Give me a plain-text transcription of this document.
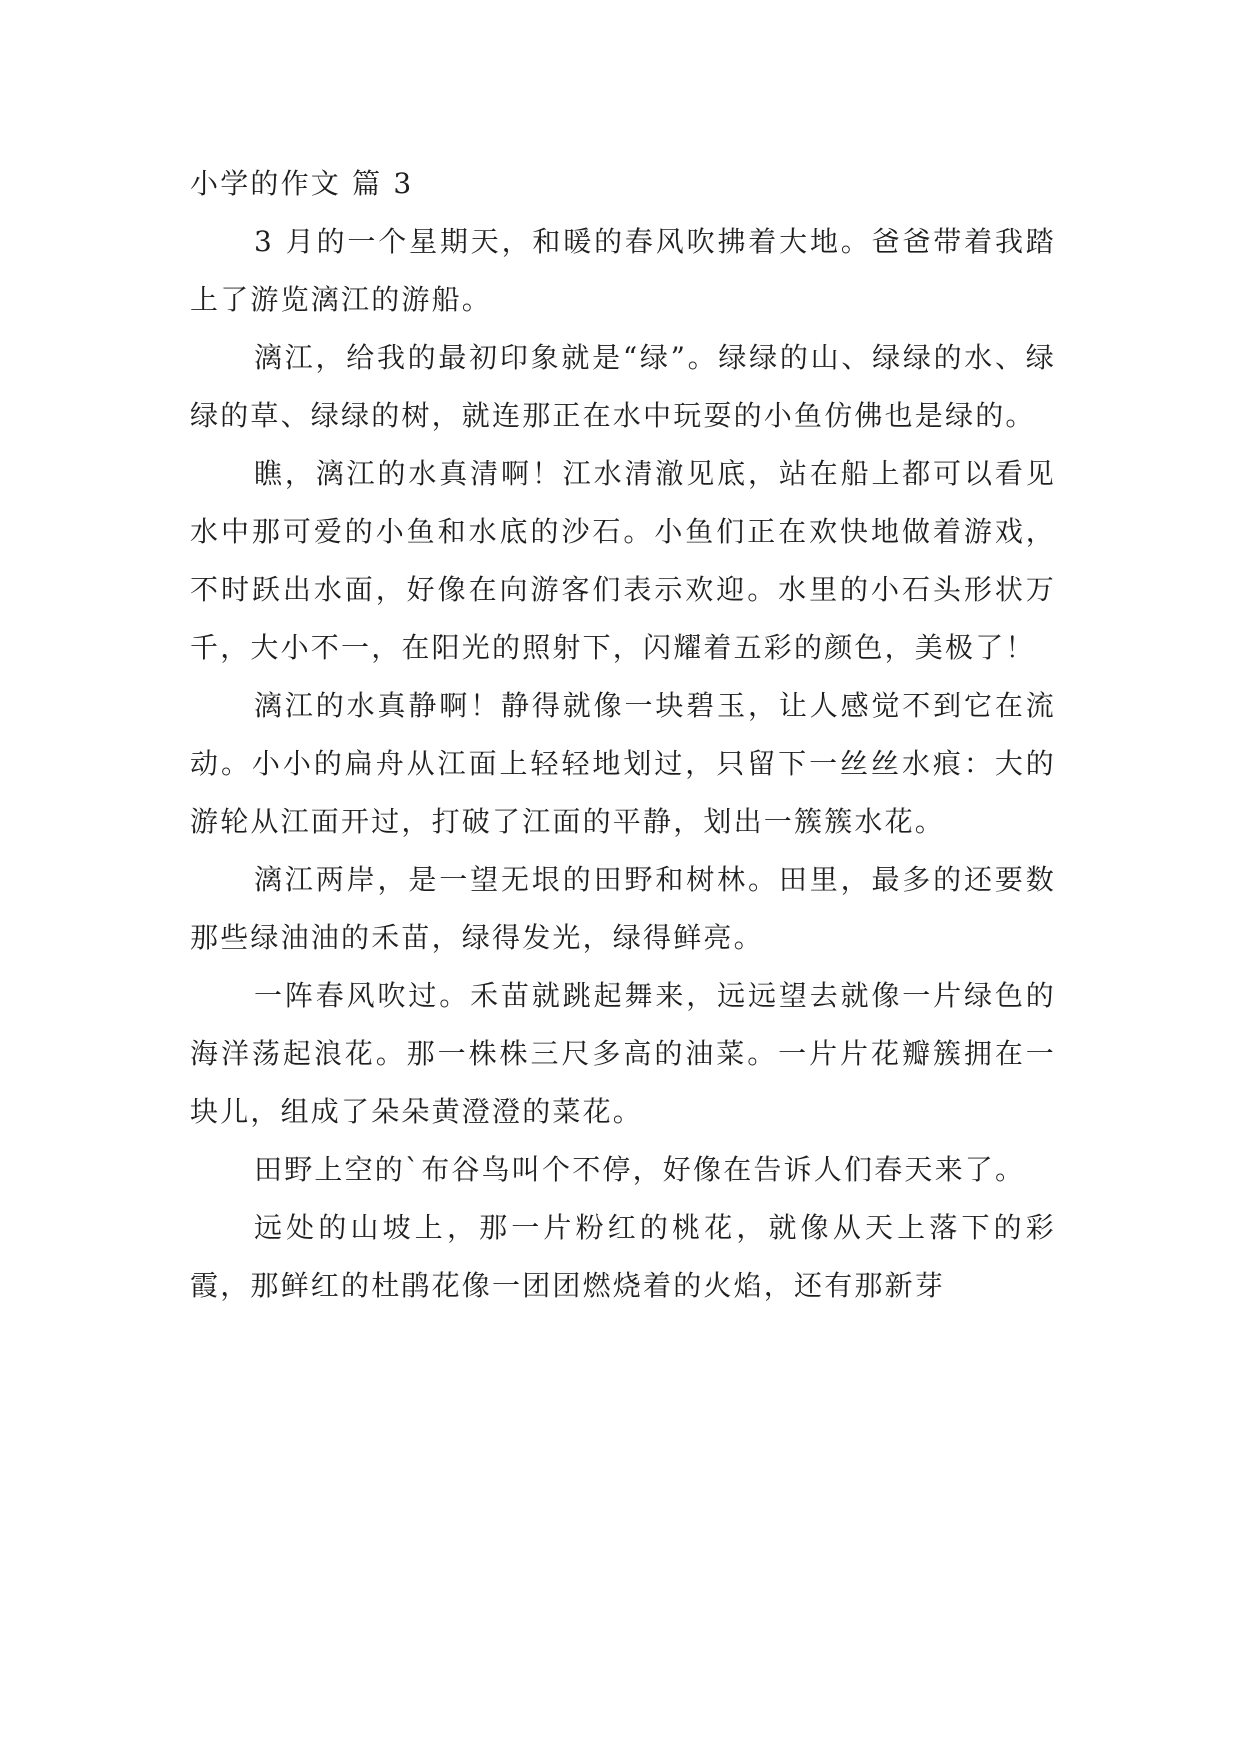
小学的作文 篇 3

3 月的一个星期天，和暖的春风吹拂着大地。爸爸带着我踏上了游览漓江的游船。

漓江，给我的最初印象就是“绿”。绿绿的山、绿绿的水、绿绿的草、绿绿的树，就连那正在水中玩耍的小鱼仿佛也是绿的。

瞧，漓江的水真清啊！江水清澈见底，站在船上都可以看见水中那可爱的小鱼和水底的沙石。小鱼们正在欢快地做着游戏，不时跃出水面，好像在向游客们表示欢迎。水里的小石头形状万千，大小不一，在阳光的照射下，闪耀着五彩的颜色，美极了！

漓江的水真静啊！静得就像一块碧玉，让人感觉不到它在流动。小小的扁舟从江面上轻轻地划过，只留下一丝丝水痕：大的游轮从江面开过，打破了江面的平静，划出一簇簇水花。

漓江两岸，是一望无垠的田野和树林。田里，最多的还要数那些绿油油的禾苗，绿得发光，绿得鲜亮。

一阵春风吹过。禾苗就跳起舞来，远远望去就像一片绿色的海洋荡起浪花。那一株株三尺多高的油菜。一片片花瓣簇拥在一块儿，组成了朵朵黄澄澄的菜花。

田野上空的`布谷鸟叫个不停，好像在告诉人们春天来了。

远处的山坡上，那一片粉红的桃花，就像从天上落下的彩霞，那鲜红的杜鹃花像一团团燃烧着的火焰，还有那新芽
